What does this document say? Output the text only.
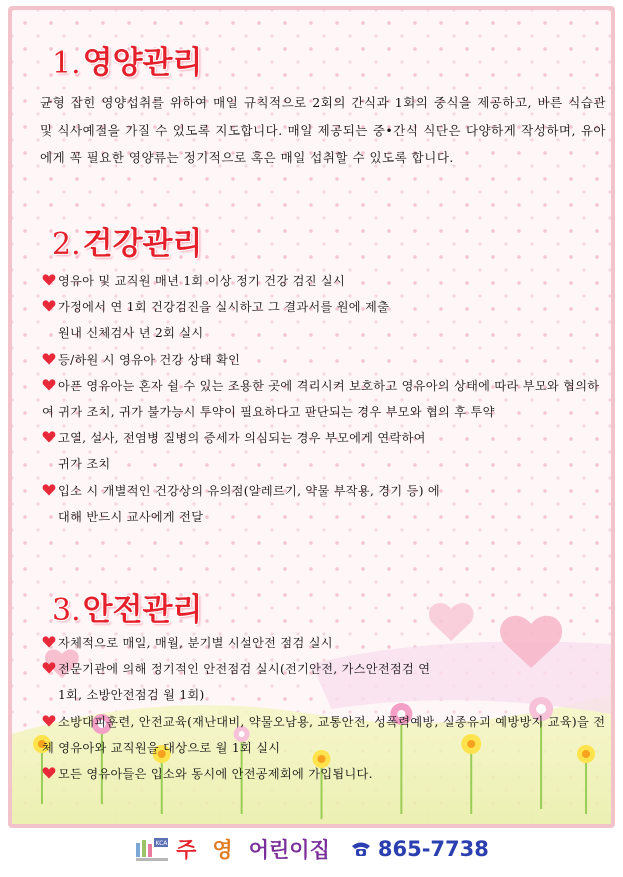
1.영양관리

균형 잡힌 영양섭취를 위하여 매일 규칙적으로 2회의 간식과 1회의 중식을 제공하고, 바른 식습관 및 식사예절을 가질 수 있도록 지도합니다. 매일 제공되는 중•간식 식단은 다양하게 작성하며, 유아에게 꼭 필요한 영양류는 정기적으로 혹은 매일 섭취할 수 있도록 합니다.

2.건강관리
영유아 및 교직원 매년 1회 이상 정기 건강 검진 실시
가정에서 연 1회 건강검진을 실시하고 그 결과서를 원에 제출
원내 신체검사 년 2회 실시
등/하원 시 영유아 건강 상태 확인
아픈 영유아는 혼자 쉴 수 있는 조용한 곳에 격리시켜 보호하고 영유아의 상태에 따라 부모와 협의하여 귀가 조치, 귀가 불가능시 투약이 필요하다고 판단되는 경우 부모와 협의 후 투약
고열, 설사, 전염병 질병의 증세가 의심되는 경우 부모에게 연락하여
귀가 조치
입소 시 개별적인 건강상의 유의점(알레르기, 약물 부작용, 경기 등) 에
대해 반드시 교사에게 전달
3.안전관리
자체적으로 매일, 매월, 분기별 시설안전 점검 실시
전문기관에 의해 정기적인 안전점검 실시(전기안전, 가스안전점검 연
1회, 소방안전점검 월 1회)
소방대피훈련, 안전교육(재난대비, 약물오남용, 교통안전, 성폭력예방, 실종유괴 예방방지 교육)을 전체 영유아와 교직원을 대상으로 월 1회 실시
모든 영유아들은 입소와 동시에 안전공제회에 가입됩니다.
KCA 주 영 어린이집 865-7738
